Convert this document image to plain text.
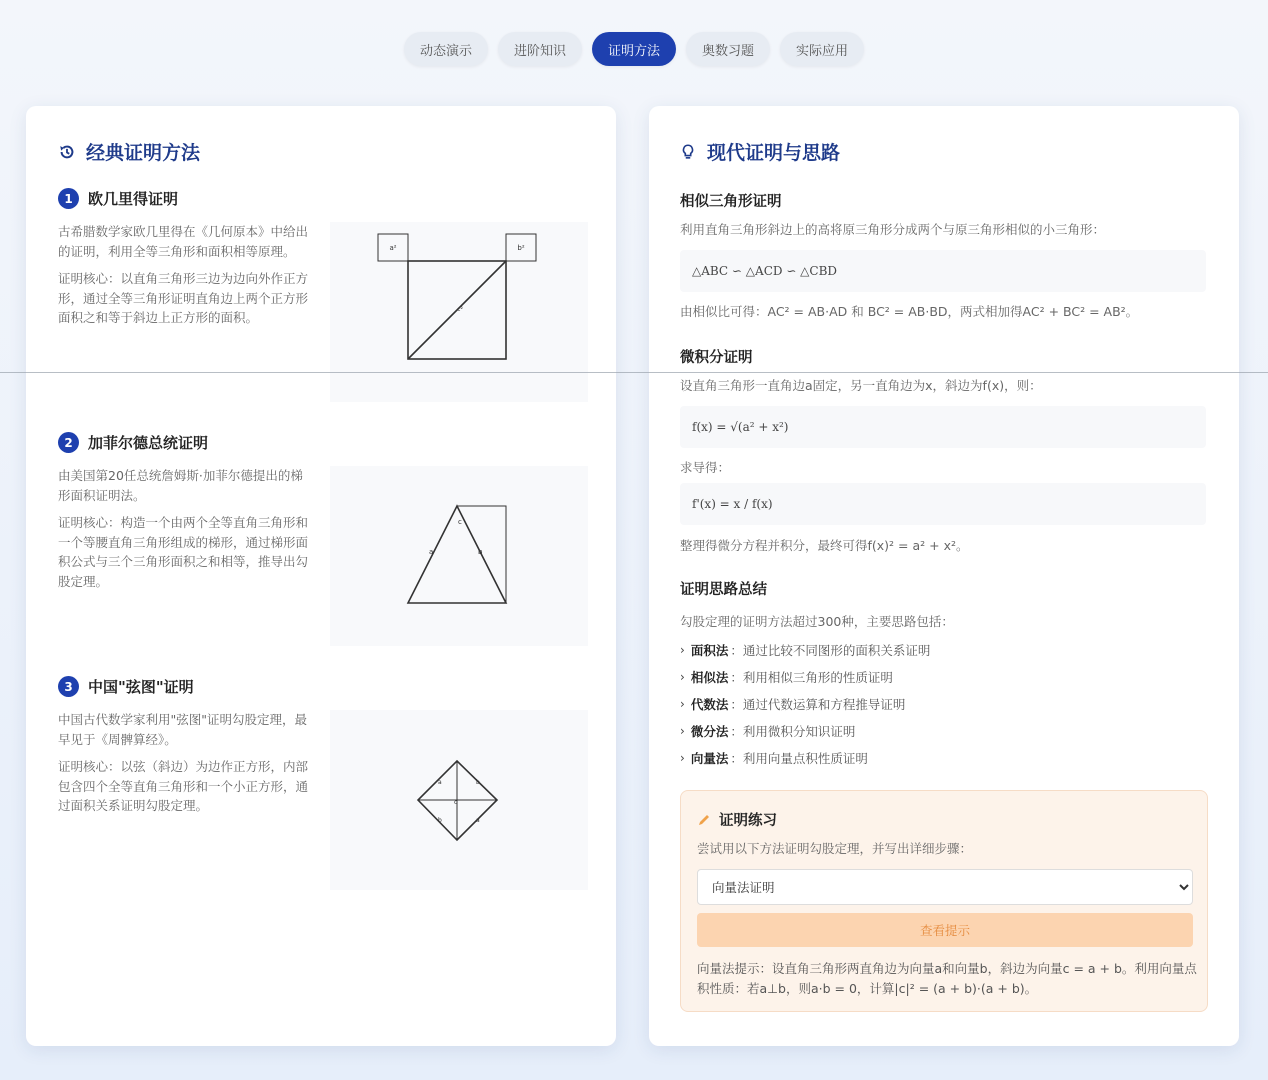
动态演示	进阶知识	证明方法	奥数习题	实际应用
经典证明方法
1	欧几里得证明

古希腊数学家欧几里得在《几何原本》中给出的证明，利用全等三角形和面积相等原理。

证明核心：以直角三角形三边为边向外作正方形，通过全等三角形证明直角边上两个正方形面积之和等于斜边上正方形的面积。

a²	b²
c²
2	加菲尔德总统证明

由美国第20任总统詹姆斯·加菲尔德提出的梯形面积证明法。

证明核心：构造一个由两个全等直角三角形和一个等腰直角三角形组成的梯形，通过梯形面积公式与三个三角形面积之和相等，推导出勾股定理。

a	b
c
3	中国"弦图"证明

中国古代数学家利用"弦图"证明勾股定理，最早见于《周髀算经》。

证明核心：以弦（斜边）为边作正方形，内部包含四个全等直角三角形和一个小正方形，通过面积关系证明勾股定理。

a	b
b	a
c
现代证明与思路
相似三角形证明
利用直角三角形斜边上的高将原三角形分成两个与原三角形相似的小三角形：
△ABC ∽ △ACD ∽ △CBD
由相似比可得：AC² = AB·AD 和 BC² = AB·BD，两式相加得AC² + BC² = AB²。
微积分证明
设直角三角形一直角边a固定，另一直角边为x，斜边为f(x)，则：
f(x) = √(a² + x²)
求导得：
f'(x) = x / f(x)
整理得微分方程并积分，最终可得f(x)² = a² + x²。
证明思路总结
勾股定理的证明方法超过300种，主要思路包括：
› 面积法 ：通过比较不同图形的面积关系证明
› 相似法 ：利用相似三角形的性质证明
› 代数法 ：通过代数运算和方程推导证明
› 微分法 ：利用微积分知识证明
› 向量法 ：利用向量点积性质证明
证明练习
尝试用以下方法证明勾股定理，并写出详细步骤：
向量法证明
查看提示
向量法提示：设直角三角形两直角边为向量a和向量b，斜边为向量c = a + b。利用向量点积性质：若a⊥b，则a·b = 0，计算|c|² = (a + b)·(a + b)。
